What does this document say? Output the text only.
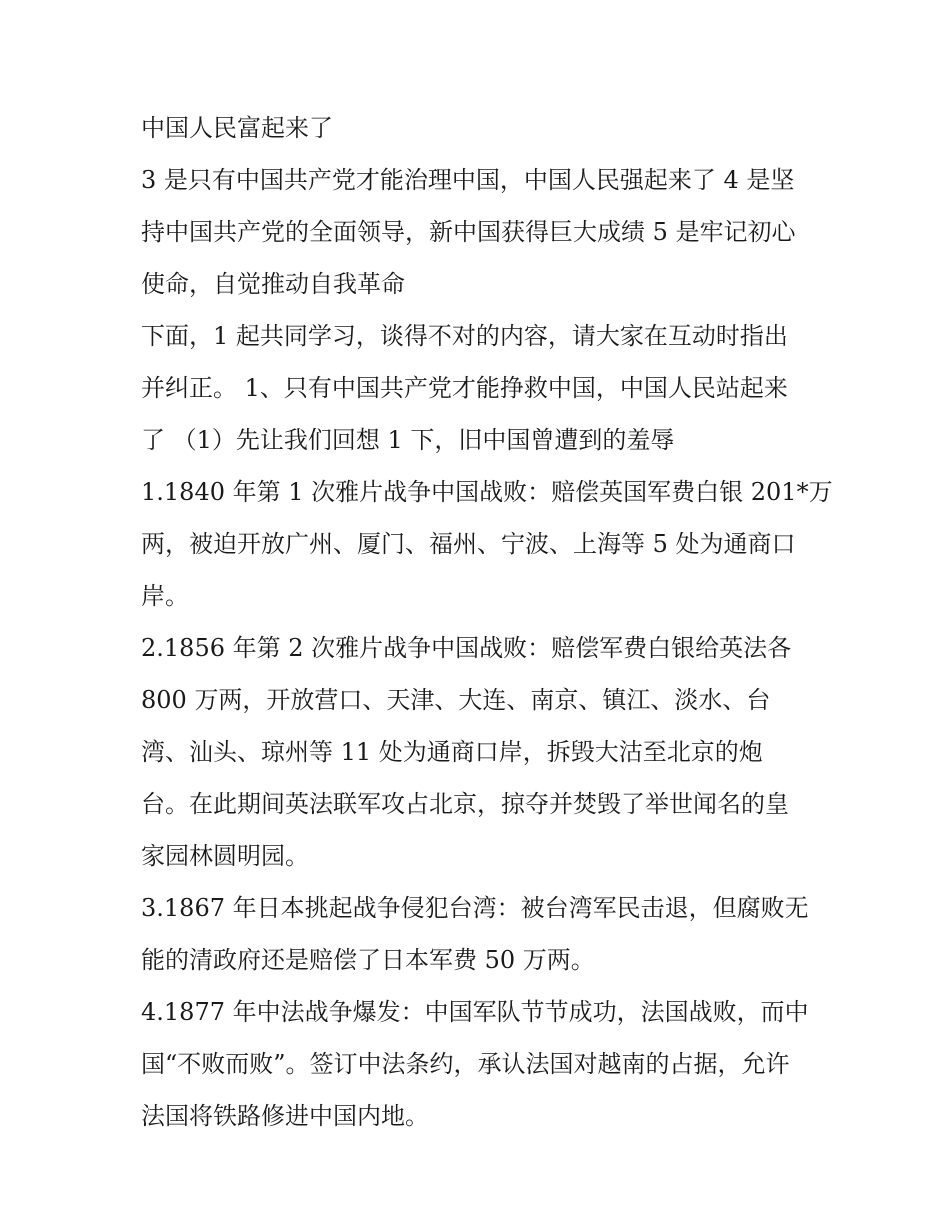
中国人民富起来了
3 是只有中国共产党才能治理中国，中国人民强起来了 4 是坚
持中国共产党的全面领导，新中国获得巨大成绩 5 是牢记初心
使命，自觉推动自我革命
下面，1 起共同学习，谈得不对的内容，请大家在互动时指出
并纠正。 1、只有中国共产党才能挣救中国，中国人民站起来
了 （1）先让我们回想 1 下，旧中国曾遭到的羞辱
1.1840 年第 1 次雅片战争中国战败：赔偿英国军费白银 201*万
两，被迫开放广州、厦门、福州、宁波、上海等 5 处为通商口
岸。
2.1856 年第 2 次雅片战争中国战败：赔偿军费白银给英法各
800 万两，开放营口、天津、大连、南京、镇江、淡水、台
湾、汕头、琼州等 11 处为通商口岸，拆毁大沽至北京的炮
台。在此期间英法联军攻占北京，掠夺并焚毁了举世闻名的皇
家园林圆明园。
3.1867 年日本挑起战争侵犯台湾：被台湾军民击退，但腐败无
能的清政府还是赔偿了日本军费 50 万两。
4.1877 年中法战争爆发：中国军队节节成功，法国战败，而中
国“不败而败”。签订中法条约，承认法国对越南的占据，允许
法国将铁路修进中国内地。
